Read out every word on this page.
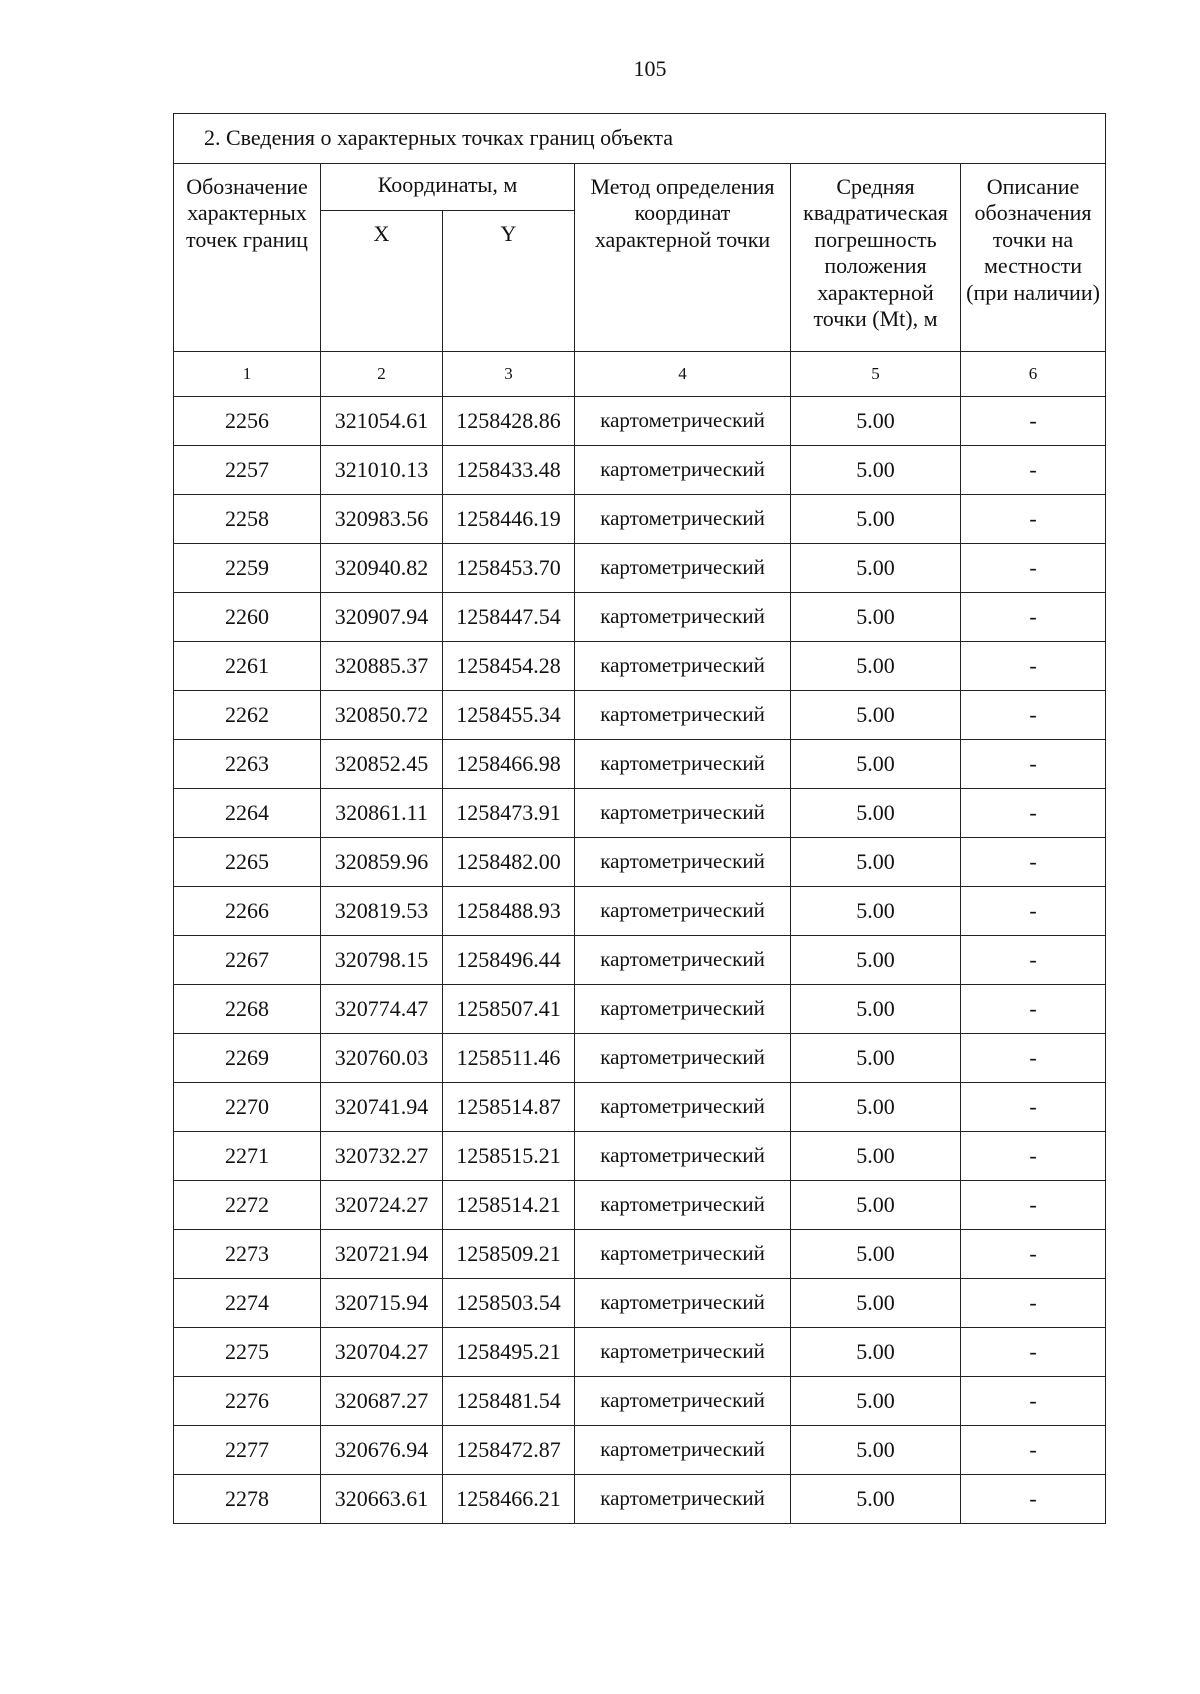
105
2. Сведения о характерных точках границ объекта					
Обозначение характерных точек границ	Координаты, м		Метод определения координат характерной точки	Средняя квадратическая погрешность положения характерной точки (Mt), м	Описание обозначения точки на местности (при наличии)
	X	Y			
1	2	3	4	5	6
2256	321054.61	1258428.86	картометрический	5.00	-
2257	321010.13	1258433.48	картометрический	5.00	-
2258	320983.56	1258446.19	картометрический	5.00	-
2259	320940.82	1258453.70	картометрический	5.00	-
2260	320907.94	1258447.54	картометрический	5.00	-
2261	320885.37	1258454.28	картометрический	5.00	-
2262	320850.72	1258455.34	картометрический	5.00	-
2263	320852.45	1258466.98	картометрический	5.00	-
2264	320861.11	1258473.91	картометрический	5.00	-
2265	320859.96	1258482.00	картометрический	5.00	-
2266	320819.53	1258488.93	картометрический	5.00	-
2267	320798.15	1258496.44	картометрический	5.00	-
2268	320774.47	1258507.41	картометрический	5.00	-
2269	320760.03	1258511.46	картометрический	5.00	-
2270	320741.94	1258514.87	картометрический	5.00	-
2271	320732.27	1258515.21	картометрический	5.00	-
2272	320724.27	1258514.21	картометрический	5.00	-
2273	320721.94	1258509.21	картометрический	5.00	-
2274	320715.94	1258503.54	картометрический	5.00	-
2275	320704.27	1258495.21	картометрический	5.00	-
2276	320687.27	1258481.54	картометрический	5.00	-
2277	320676.94	1258472.87	картометрический	5.00	-
2278	320663.61	1258466.21	картометрический	5.00	-
